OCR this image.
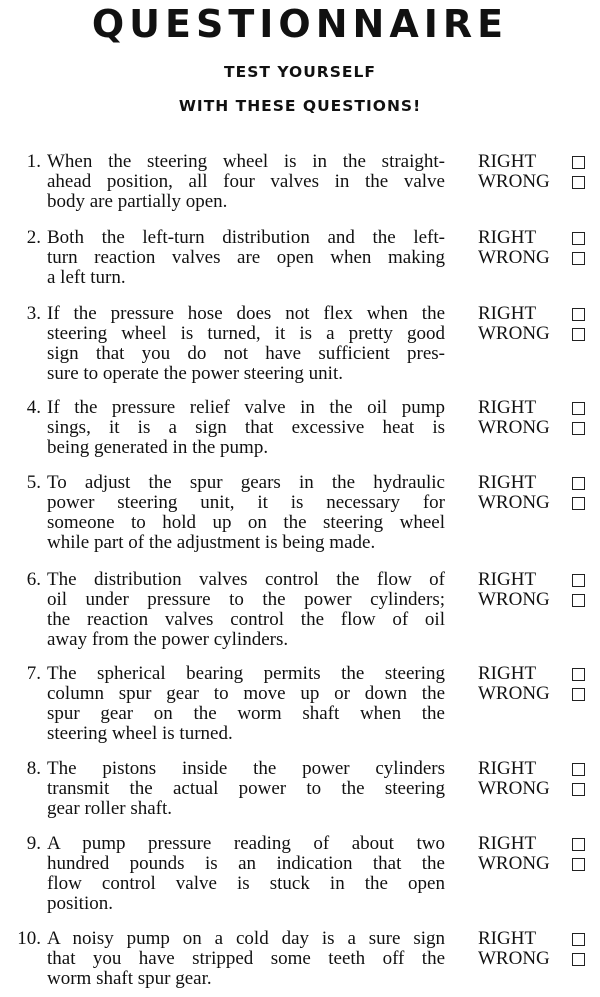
QUESTIONNAIRE
TEST YOURSELF
WITH THESE QUESTIONS!
1. When the steering wheel is in the straight-
ahead position, all four valves in the valve
body are partially open.
RIGHT
WRONG
2. Both the left-turn distribution and the left-
turn reaction valves are open when making
a left turn.
RIGHT
WRONG
3. If the pressure hose does not flex when the
steering wheel is turned, it is a pretty good
sign that you do not have sufficient pres-
sure to operate the power steering unit.
RIGHT
WRONG
4. If the pressure relief valve in the oil pump
sings, it is a sign that excessive heat is
being generated in the pump.
RIGHT
WRONG
5. To adjust the spur gears in the hydraulic
power steering unit, it is necessary for
someone to hold up on the steering wheel
while part of the adjustment is being made.
RIGHT
WRONG
6. The distribution valves control the flow of
oil under pressure to the power cylinders;
the reaction valves control the flow of oil
away from the power cylinders.
RIGHT
WRONG
7. The spherical bearing permits the steering
column spur gear to move up or down the
spur gear on the worm shaft when the
steering wheel is turned.
RIGHT
WRONG
8. The pistons inside the power cylinders
transmit the actual power to the steering
gear roller shaft.
RIGHT
WRONG
9. A pump pressure reading of about two
hundred pounds is an indication that the
flow control valve is stuck in the open
position.
RIGHT
WRONG
10. A noisy pump on a cold day is a sure sign
that you have stripped some teeth off the
worm shaft spur gear.
RIGHT
WRONG
